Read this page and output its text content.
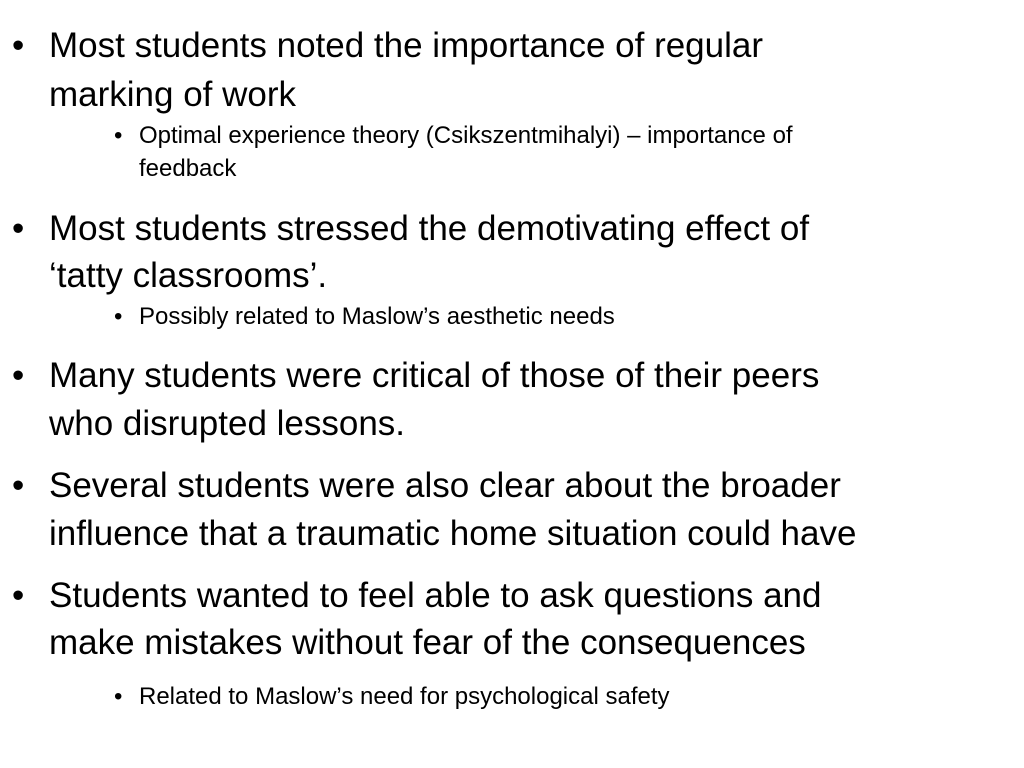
• Most students noted the importance of regular
marking of work
• Optimal experience theory (Csikszentmihalyi) – importance of
feedback
• Most students stressed the demotivating effect of
‘tatty classrooms’.
• Possibly related to Maslow’s aesthetic needs
• Many students were critical of those of their peers
who disrupted lessons.
• Several students were also clear about the broader
influence that a traumatic home situation could have
• Students wanted to feel able to ask questions and
make mistakes without fear of the consequences
• Related to Maslow’s need for psychological safety
